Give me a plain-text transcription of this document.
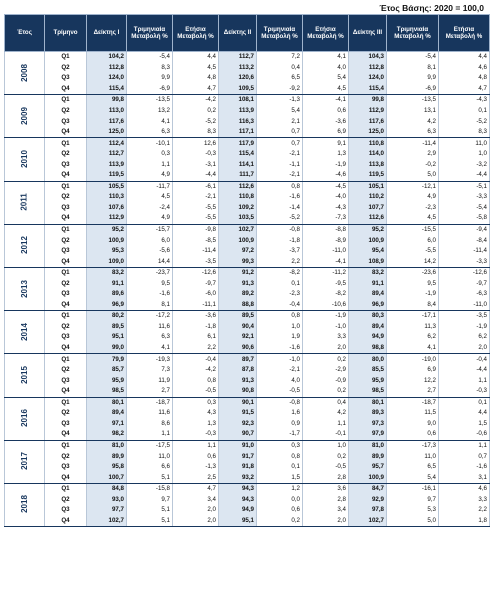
Έτος Βάσης: 2020 = 100,0
Έτος	Τρίμηνο	Δείκτης I	Τριμηνιαία Μεταβολή %	Ετήσια Μεταβολή %	Δείκτης II	Τριμηνιαία Μεταβολή %	Ετήσια Μεταβολή %	Δείκτης III	Τριμηνιαία Μεταβολή %	Ετήσια Μεταβολή %
2008	Q1	104,2	-5,4	4,4	112,7	7,2	4,1	104,3	-5,4	4,4
	Q2	112,8	8,3	4,5	113,2	0,4	4,0	112,8	8,1	4,6
	Q3	124,0	9,9	4,8	120,6	6,5	5,4	124,0	9,9	4,8
	Q4	115,4	-6,9	4,7	109,5	-9,2	4,5	115,4	-6,9	4,7
2009	Q1	99,8	-13,5	-4,2	108,1	-1,3	-4,1	99,8	-13,5	-4,3
	Q2	113,0	13,2	0,2	113,9	5,4	0,6	112,9	13,1	0,1
	Q3	117,6	4,1	-5,2	116,3	2,1	-3,6	117,6	4,2	-5,2
	Q4	125,0	6,3	8,3	117,1	0,7	6,9	125,0	6,3	8,3
2010	Q1	112,4	-10,1	12,6	117,9	0,7	9,1	110,8	-11,4	11,0
	Q2	112,7	0,3	-0,3	115,4	-2,1	1,3	114,0	2,9	1,0
	Q3	113,9	1,1	-3,1	114,1	-1,1	-1,9	113,8	-0,2	-3,2
	Q4	119,5	4,9	-4,4	111,7	-2,1	-4,6	119,5	5,0	-4,4
2011	Q1	105,5	-11,7	-6,1	112,6	0,8	-4,5	105,1	-12,1	-5,1
	Q2	110,3	4,5	-2,1	110,8	-1,6	-4,0	110,2	4,9	-3,3
	Q3	107,6	-2,4	-5,5	109,2	-1,4	-4,3	107,7	-2,3	-5,4
	Q4	112,9	4,9	-5,5	103,5	-5,2	-7,3	112,6	4,5	-5,8
2012	Q1	95,2	-15,7	-9,8	102,7	-0,8	-8,8	95,2	-15,5	-9,4
	Q2	100,9	6,0	-8,5	100,9	-1,8	-8,9	100,9	6,0	-8,4
	Q3	95,3	-5,6	-11,4	97,2	-3,7	-11,0	95,4	-5,5	-11,4
	Q4	109,0	14,4	-3,5	99,3	2,2	-4,1	108,9	14,2	-3,3
2013	Q1	83,2	-23,7	-12,6	91,2	-8,2	-11,2	83,2	-23,6	-12,6
	Q2	91,1	9,5	-9,7	91,3	0,1	-9,5	91,1	9,5	-9,7
	Q3	89,6	-1,6	-6,0	89,2	-2,3	-8,2	89,4	-1,9	-6,3
	Q4	96,9	8,1	-11,1	88,8	-0,4	-10,6	96,9	8,4	-11,0
2014	Q1	80,2	-17,2	-3,6	89,5	0,8	-1,9	80,3	-17,1	-3,5
	Q2	89,5	11,6	-1,8	90,4	1,0	-1,0	89,4	11,3	-1,9
	Q3	95,1	6,3	6,1	92,1	1,9	3,3	94,9	6,2	6,2
	Q4	99,0	4,1	2,2	90,6	-1,6	2,0	98,8	4,1	2,0
2015	Q1	79,9	-19,3	-0,4	89,7	-1,0	0,2	80,0	-19,0	-0,4
	Q2	85,7	7,3	-4,2	87,8	-2,1	-2,9	85,5	6,9	-4,4
	Q3	95,9	11,9	0,8	91,3	4,0	-0,9	95,9	12,2	1,1
	Q4	98,5	2,7	-0,5	90,8	-0,5	0,2	98,5	2,7	-0,3
2016	Q1	80,1	-18,7	0,3	90,1	-0,8	0,4	80,1	-18,7	0,1
	Q2	89,4	11,6	4,3	91,5	1,6	4,2	89,3	11,5	4,4
	Q3	97,1	8,6	1,3	92,3	0,9	1,1	97,3	9,0	1,5
	Q4	98,2	1,1	-0,3	90,7	-1,7	-0,1	97,9	0,6	-0,6
2017	Q1	81,0	-17,5	1,1	91,0	0,3	1,0	81,0	-17,3	1,1
	Q2	89,9	11,0	0,6	91,7	0,8	0,2	89,9	11,0	0,7
	Q3	95,8	6,6	-1,3	91,8	0,1	-0,5	95,7	6,5	-1,6
	Q4	100,7	5,1	2,5	93,2	1,5	2,8	100,9	5,4	3,1
2018	Q1	84,8	-15,8	4,7	94,3	1,2	3,6	84,7	-16,1	4,6
	Q2	93,0	9,7	3,4	94,3	0,0	2,8	92,9	9,7	3,3
	Q3	97,7	5,1	2,0	94,9	0,6	3,4	97,8	5,3	2,2
	Q4	102,7	5,1	2,0	95,1	0,2	2,0	102,7	5,0	1,8
